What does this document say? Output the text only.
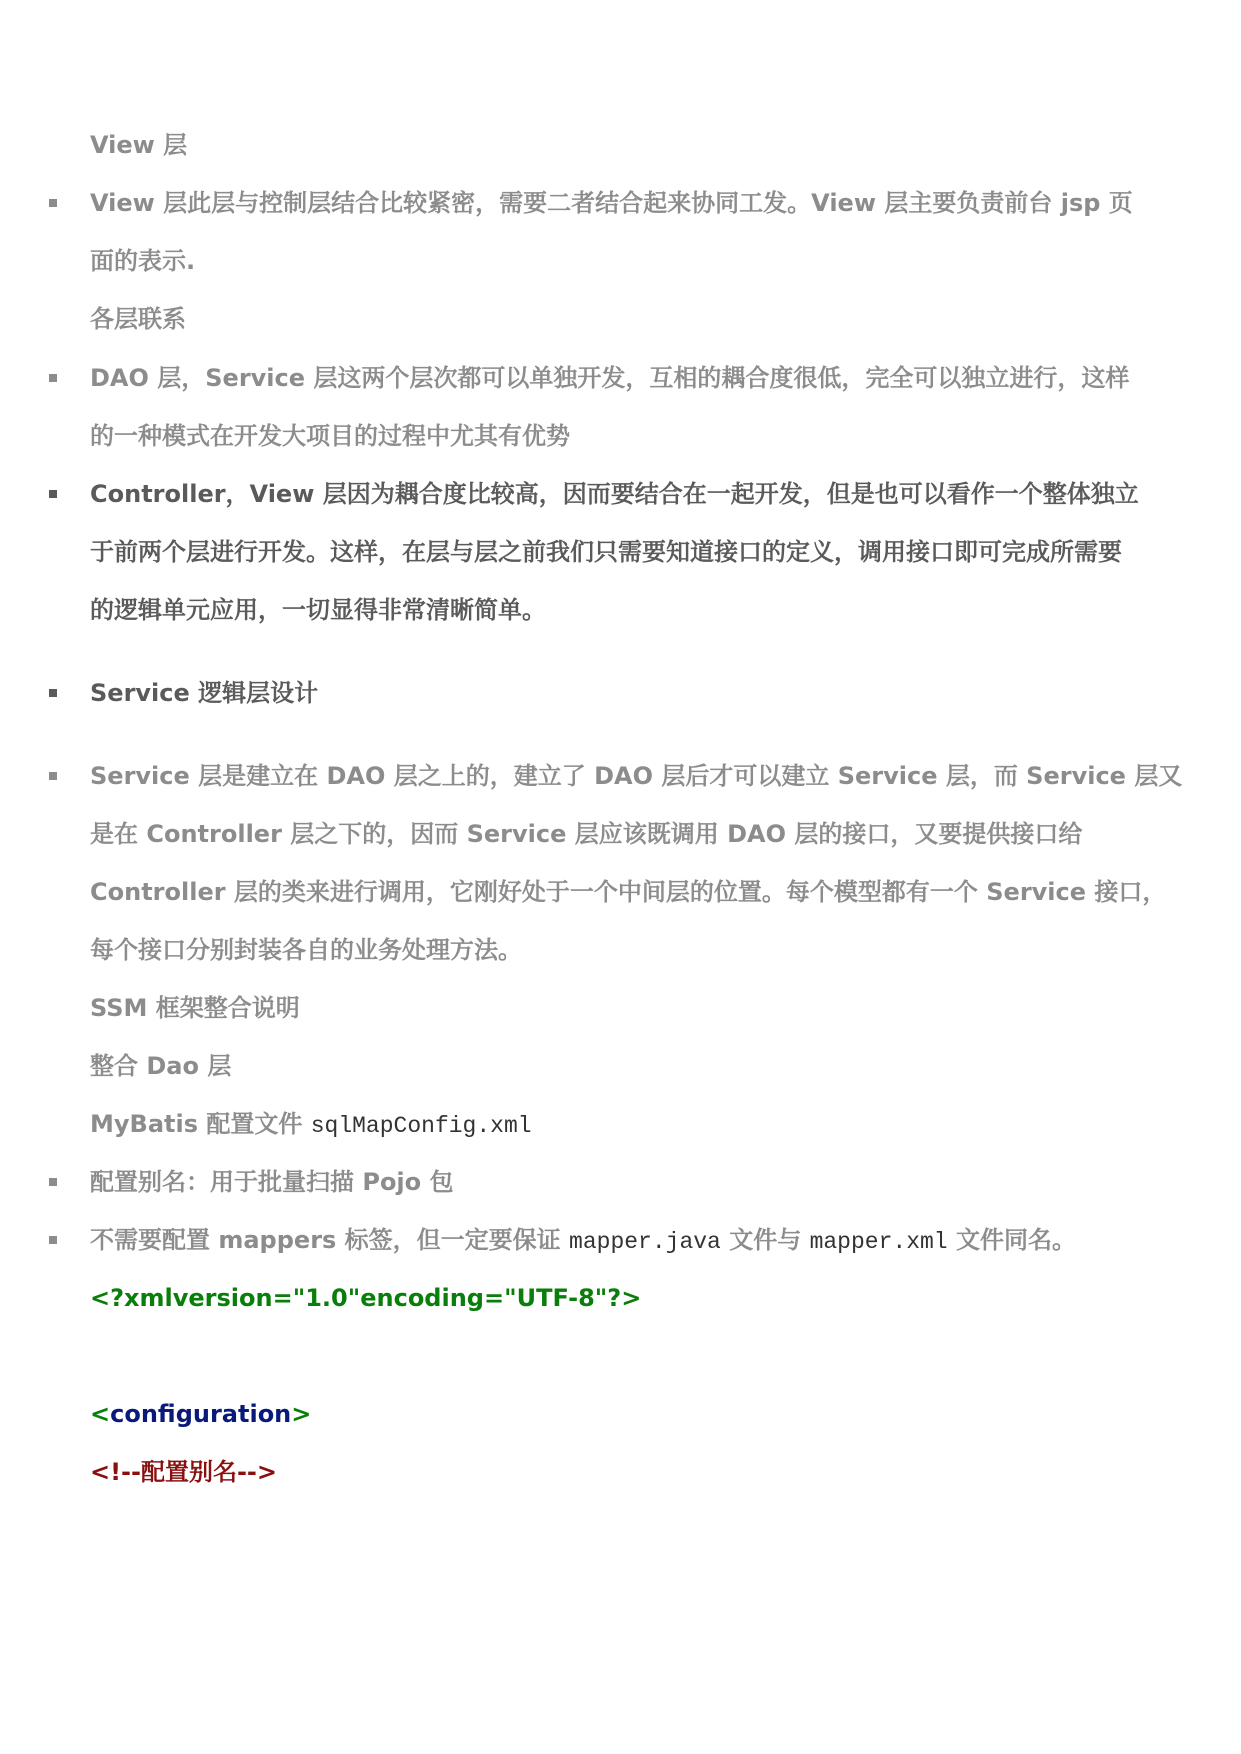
View 层
View 层此层与控制层结合比较紧密，需要二者结合起来协同工发。View 层主要负责前台 jsp 页
面的表示.
各层联系
DAO 层，Service 层这两个层次都可以单独开发，互相的耦合度很低，完全可以独立进行，这样
的一种模式在开发大项目的过程中尤其有优势
Controller，View 层因为耦合度比较高，因而要结合在一起开发，但是也可以看作一个整体独立
于前两个层进行开发。这样，在层与层之前我们只需要知道接口的定义，调用接口即可完成所需要
的逻辑单元应用，一切显得非常清晰简单。
Service 逻辑层设计
Service 层是建立在 DAO 层之上的，建立了 DAO 层后才可以建立 Service 层，而 Service 层又
是在 Controller 层之下的，因而 Service 层应该既调用 DAO 层的接口，又要提供接口给
Controller 层的类来进行调用，它刚好处于一个中间层的位置。每个模型都有一个 Service 接口，
每个接口分别封装各自的业务处理方法。
SSM 框架整合说明
整合 Dao 层
MyBatis 配置文件 sqlMapConfig.xml
配置别名：用于批量扫描 Pojo 包
不需要配置 mappers 标签，但一定要保证 mapper.java 文件与 mapper.xml 文件同名。
<?xmlversion="1.0"encoding="UTF-8"?>
<configuration>
<!--配置别名-->
